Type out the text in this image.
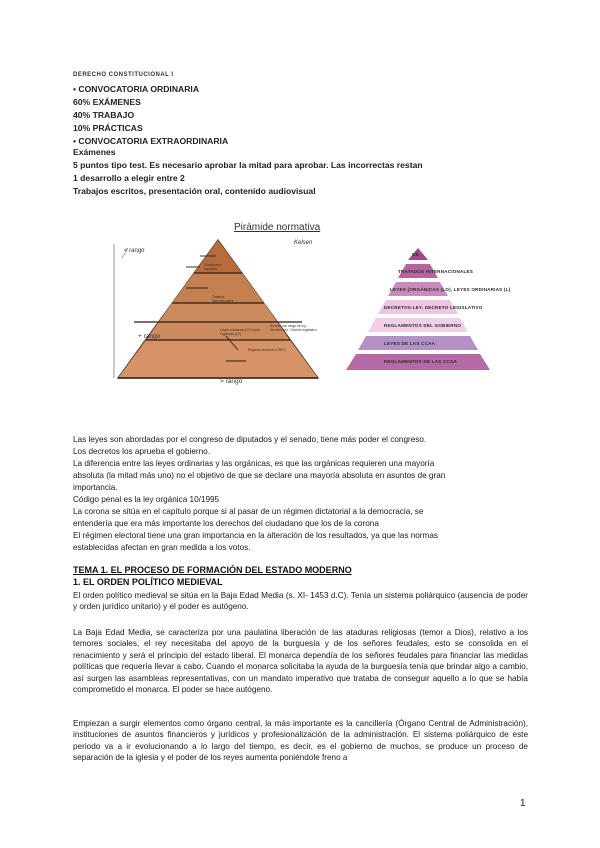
DERECHO CONSTITUCIONAL I
• CONVOCATORIA ORDINARIA
60% EXÁMENES
40% TRABAJO
10% PRÁCTICAS
• CONVOCATORIA EXTRAORDINARIA
Exámenes
5 puntos tipo test. Es necesario aprobar la mitad para aprobar. Las incorrectas restan
1 desarrollo a elegir entre 2
Trabajos escritos, presentación oral, contenido audiovisual
Pirámide normativa
Kelsen
< rango
> rango
+ rango
Constitución española
Tratados internacionales
Leyes ordinarias (LO) Leyes orgánicas (LO)
Normas con rango de ley: · Decretos ley · Decreto legislativo
Régimen electoral LOREG
CE
TRATADOS INTERNACIONALES
LEYES (ORGÁNICAS (LO), LEYES ORDINARIAS (L)
DECRETOS-LEY. DECRETO LEGISLATIVO
REGLAMENTOS DEL GOBIERNO
LEYES DE LAS CCAA
REGLAMENTOS DE LAS CCAA
Las leyes son abordadas por el congreso de diputados y el senado, tiene más poder el congreso.
Los decretos los aprueba el gobierno.
La diferencia entre las leyes ordinarias y las orgánicas, es que las orgánicas requieren una mayoría
absoluta (la mitad más uno) no el objetivo de que se declare una mayoría absoluta en asuntos de gran
importancia.
Código penal es la ley orgánica 10/1995
La corona se sitúa en el capítulo porque si al pasar de un régimen dictatorial a la democracia, se
entendería que era más importante los derechos del ciudadano que los de la corona
El régimen electoral tiene una gran importancia en la alteración de los resultados, ya que las normas
establecidas afectan en gran medida a los votos.
TEMA 1. EL PROCESO DE FORMACIÓN DEL ESTADO MODERNO
1. EL ORDEN POLÍTICO MEDIEVAL
El orden político medieval se sitúa en la Baja Edad Media (s. XI- 1453 d.C). Tenía un sistema poliárquico (ausencia de poder y orden jurídico unitario) y el poder es autógeno.
La Baja Edad Media, se caracteriza por una paulatina liberación de las ataduras religiosas (temor a Dios), relativo a los temores sociales, el rey necesitaba del apoyo de la burguesía y de los señores feudales, esto se consolida en el renacimiento y será el principio del estado liberal. El monarca dependía de los señores feudales para financiar las medidas políticas que requería llevar a cabo. Cuando el monarca solicitaba la ayuda de la burguesía tenía que brindar algo a cambio, así surgen las asambleas representativas, con un mandato imperativo que trataba de conseguir aquello a lo que se había comprometido el monarca. El poder se hace autógeno.
Empiezan a surgir elementos como órgano central, la más importante es la cancillería (Órgano Central de Administración), instituciones de asuntos financieros y jurídicos y profesionalización de la administración. El sistema poliárquico de este periodo va a ir evolucionando a lo largo del tiempo, es decir, es el gobierno de muchos, se produce un proceso de separación de la iglesia y el poder de los reyes aumenta poniéndole freno a
1
